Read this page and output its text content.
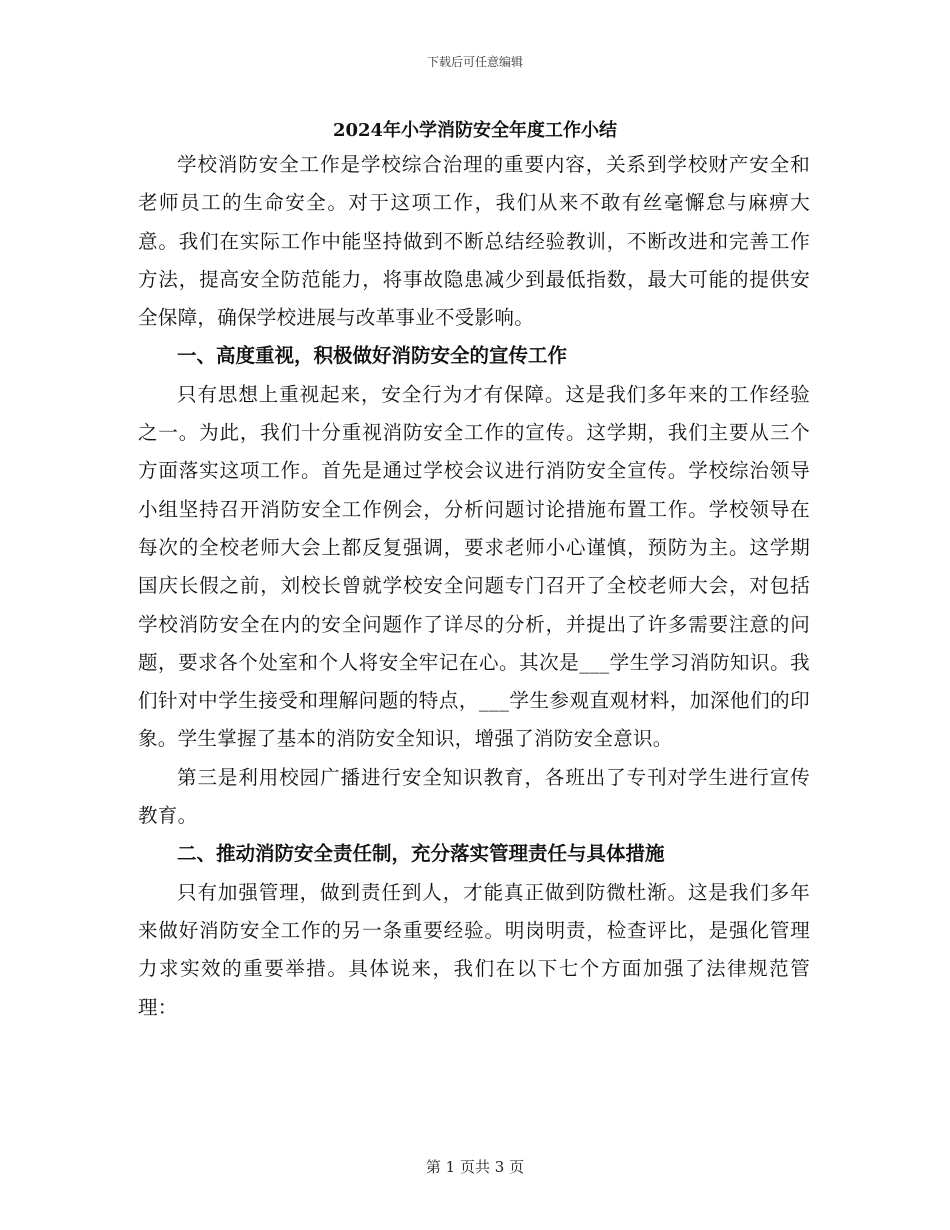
下载后可任意编辑
2024年小学消防安全年度工作小结

学校消防安全工作是学校综合治理的重要内容，关系到学校财产安全和老师员工的生命安全。对于这项工作，我们从来不敢有丝毫懈怠与麻痹大意。我们在实际工作中能坚持做到不断总结经验教训，不断改进和完善工作方法，提高安全防范能力，将事故隐患减少到最低指数，最大可能的提供安全保障，确保学校进展与改革事业不受影响。

一、高度重视，积极做好消防安全的宣传工作

只有思想上重视起来，安全行为才有保障。这是我们多年来的工作经验之一。为此，我们十分重视消防安全工作的宣传。这学期，我们主要从三个方面落实这项工作。首先是通过学校会议进行消防安全宣传。学校综治领导小组坚持召开消防安全工作例会，分析问题讨论措施布置工作。学校领导在每次的全校老师大会上都反复强调，要求老师小心谨慎，预防为主。这学期国庆长假之前，刘校长曾就学校安全问题专门召开了全校老师大会，对包括学校消防安全在内的安全问题作了详尽的分析，并提出了许多需要注意的问题，要求各个处室和个人将安全牢记在心。其次是___学生学习消防知识。我们针对中学生接受和理解问题的特点，___学生参观直观材料，加深他们的印象。学生掌握了基本的消防安全知识，增强了消防安全意识。

第三是利用校园广播进行安全知识教育，各班出了专刊对学生进行宣传教育。

二、推动消防安全责任制，充分落实管理责任与具体措施

只有加强管理，做到责任到人，才能真正做到防微杜渐。这是我们多年来做好消防安全工作的另一条重要经验。明岗明责，检查评比，是强化管理力求实效的重要举措。具体说来，我们在以下七个方面加强了法律规范管理：

第 1 页共 3 页
